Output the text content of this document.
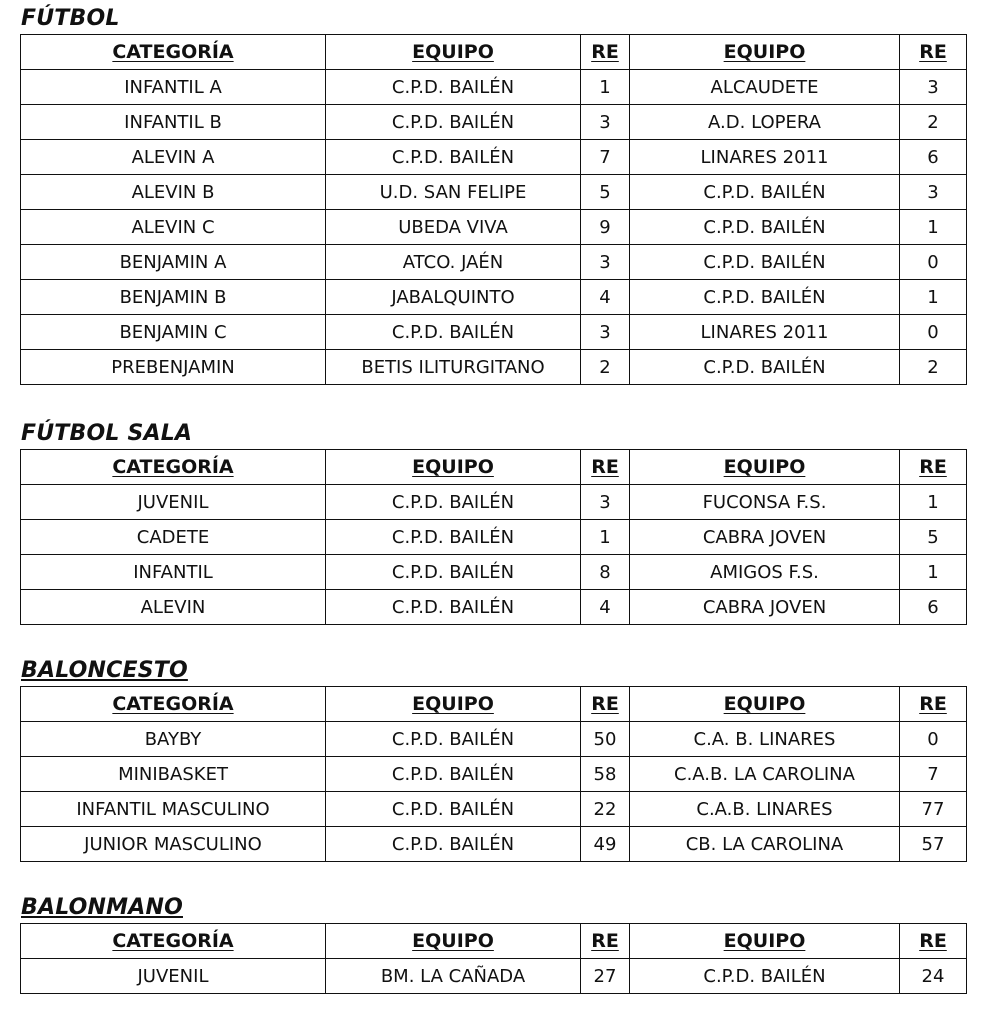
FÚTBOL
CATEGORÍA	EQUIPO	RE	EQUIPO	RE
INFANTIL A	C.P.D. BAILÉN	1	ALCAUDETE	3
INFANTIL B	C.P.D. BAILÉN	3	A.D. LOPERA	2
ALEVIN A	C.P.D. BAILÉN	7	LINARES 2011	6
ALEVIN B	U.D. SAN FELIPE	5	C.P.D. BAILÉN	3
ALEVIN C	UBEDA VIVA	9	C.P.D. BAILÉN	1
BENJAMIN A	ATCO. JAÉN	3	C.P.D. BAILÉN	0
BENJAMIN B	JABALQUINTO	4	C.P.D. BAILÉN	1
BENJAMIN C	C.P.D. BAILÉN	3	LINARES 2011	0
PREBENJAMIN	BETIS ILITURGITANO	2	C.P.D. BAILÉN	2
FÚTBOL SALA
CATEGORÍA	EQUIPO	RE	EQUIPO	RE
JUVENIL	C.P.D. BAILÉN	3	FUCONSA F.S.	1
CADETE	C.P.D. BAILÉN	1	CABRA JOVEN	5
INFANTIL	C.P.D. BAILÉN	8	AMIGOS F.S.	1
ALEVIN	C.P.D. BAILÉN	4	CABRA JOVEN	6
BALONCESTO
CATEGORÍA	EQUIPO	RE	EQUIPO	RE
BAYBY	C.P.D. BAILÉN	50	C.A. B. LINARES	0
MINIBASKET	C.P.D. BAILÉN	58	C.A.B. LA CAROLINA	7
INFANTIL MASCULINO	C.P.D. BAILÉN	22	C.A.B. LINARES	77
JUNIOR MASCULINO	C.P.D. BAILÉN	49	CB. LA CAROLINA	57
BALONMANO
CATEGORÍA	EQUIPO	RE	EQUIPO	RE
JUVENIL	BM. LA CAÑADA	27	C.P.D. BAILÉN	24
